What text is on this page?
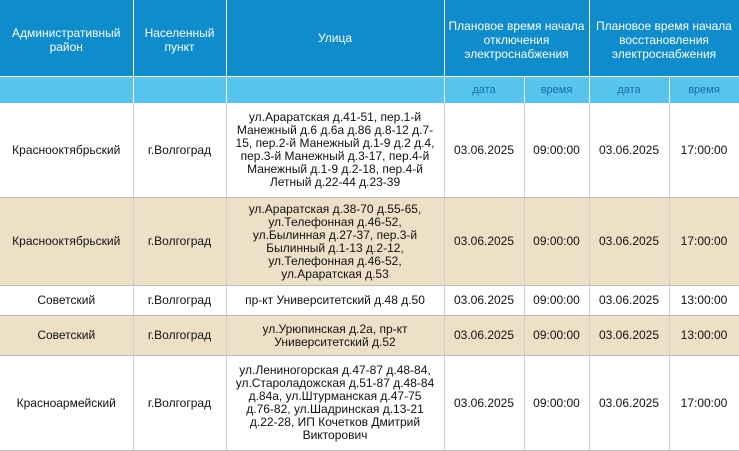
Административный район	Населенный пункт	Улица	Плановое время начала отключения электроснабжения		Плановое время начала восстановления электроснабжения	
			дата	время	дата	время
Краснооктябрьский	г.Волгоград	ул.Араратская д.41-51, пер.1-й Манежный д.6 д.6а д.86 д.8-12 д.7-15, пер.2-й Манежный д.1-9 д.2 д.4, пер.3-й Манежный д.3-17, пер.4-й Манежный д.1-9 д.2-18, пер.4-й Летный д.22-44 д.23-39	03.06.2025	09:00:00	03.06.2025	17:00:00
Краснооктябрьский	г.Волгоград	ул.Араратская д.38-70 д.55-65, ул.Телефонная д.46-52, ул.Былинная д.27-37, пер.3-й Былинный д.1-13 д.2-12, ул.Телефонная д.46-52, ул.Араратская д.53	03.06.2025	09:00:00	03.06.2025	17:00:00
Советский	г.Волгоград	пр-кт Университетский д.48 д.50	03.06.2025	09:00:00	03.06.2025	13:00:00
Советский	г.Волгоград	ул.Урюпинская д.2а, пр-кт Университетский д.52	03.06.2025	09:00:00	03.06.2025	13:00:00
Красноармейский	г.Волгоград	ул.Лениногорская д.47-87 д.48-84, ул.Староладожская д.51-87 д.48-84 д.84а, ул.Штурманская д.47-75 д.76-82, ул.Шадринская д.13-21 д.22-28, ИП Кочетков Дмитрий Викторович	03.06.2025	09:00:00	03.06.2025	17:00:00
